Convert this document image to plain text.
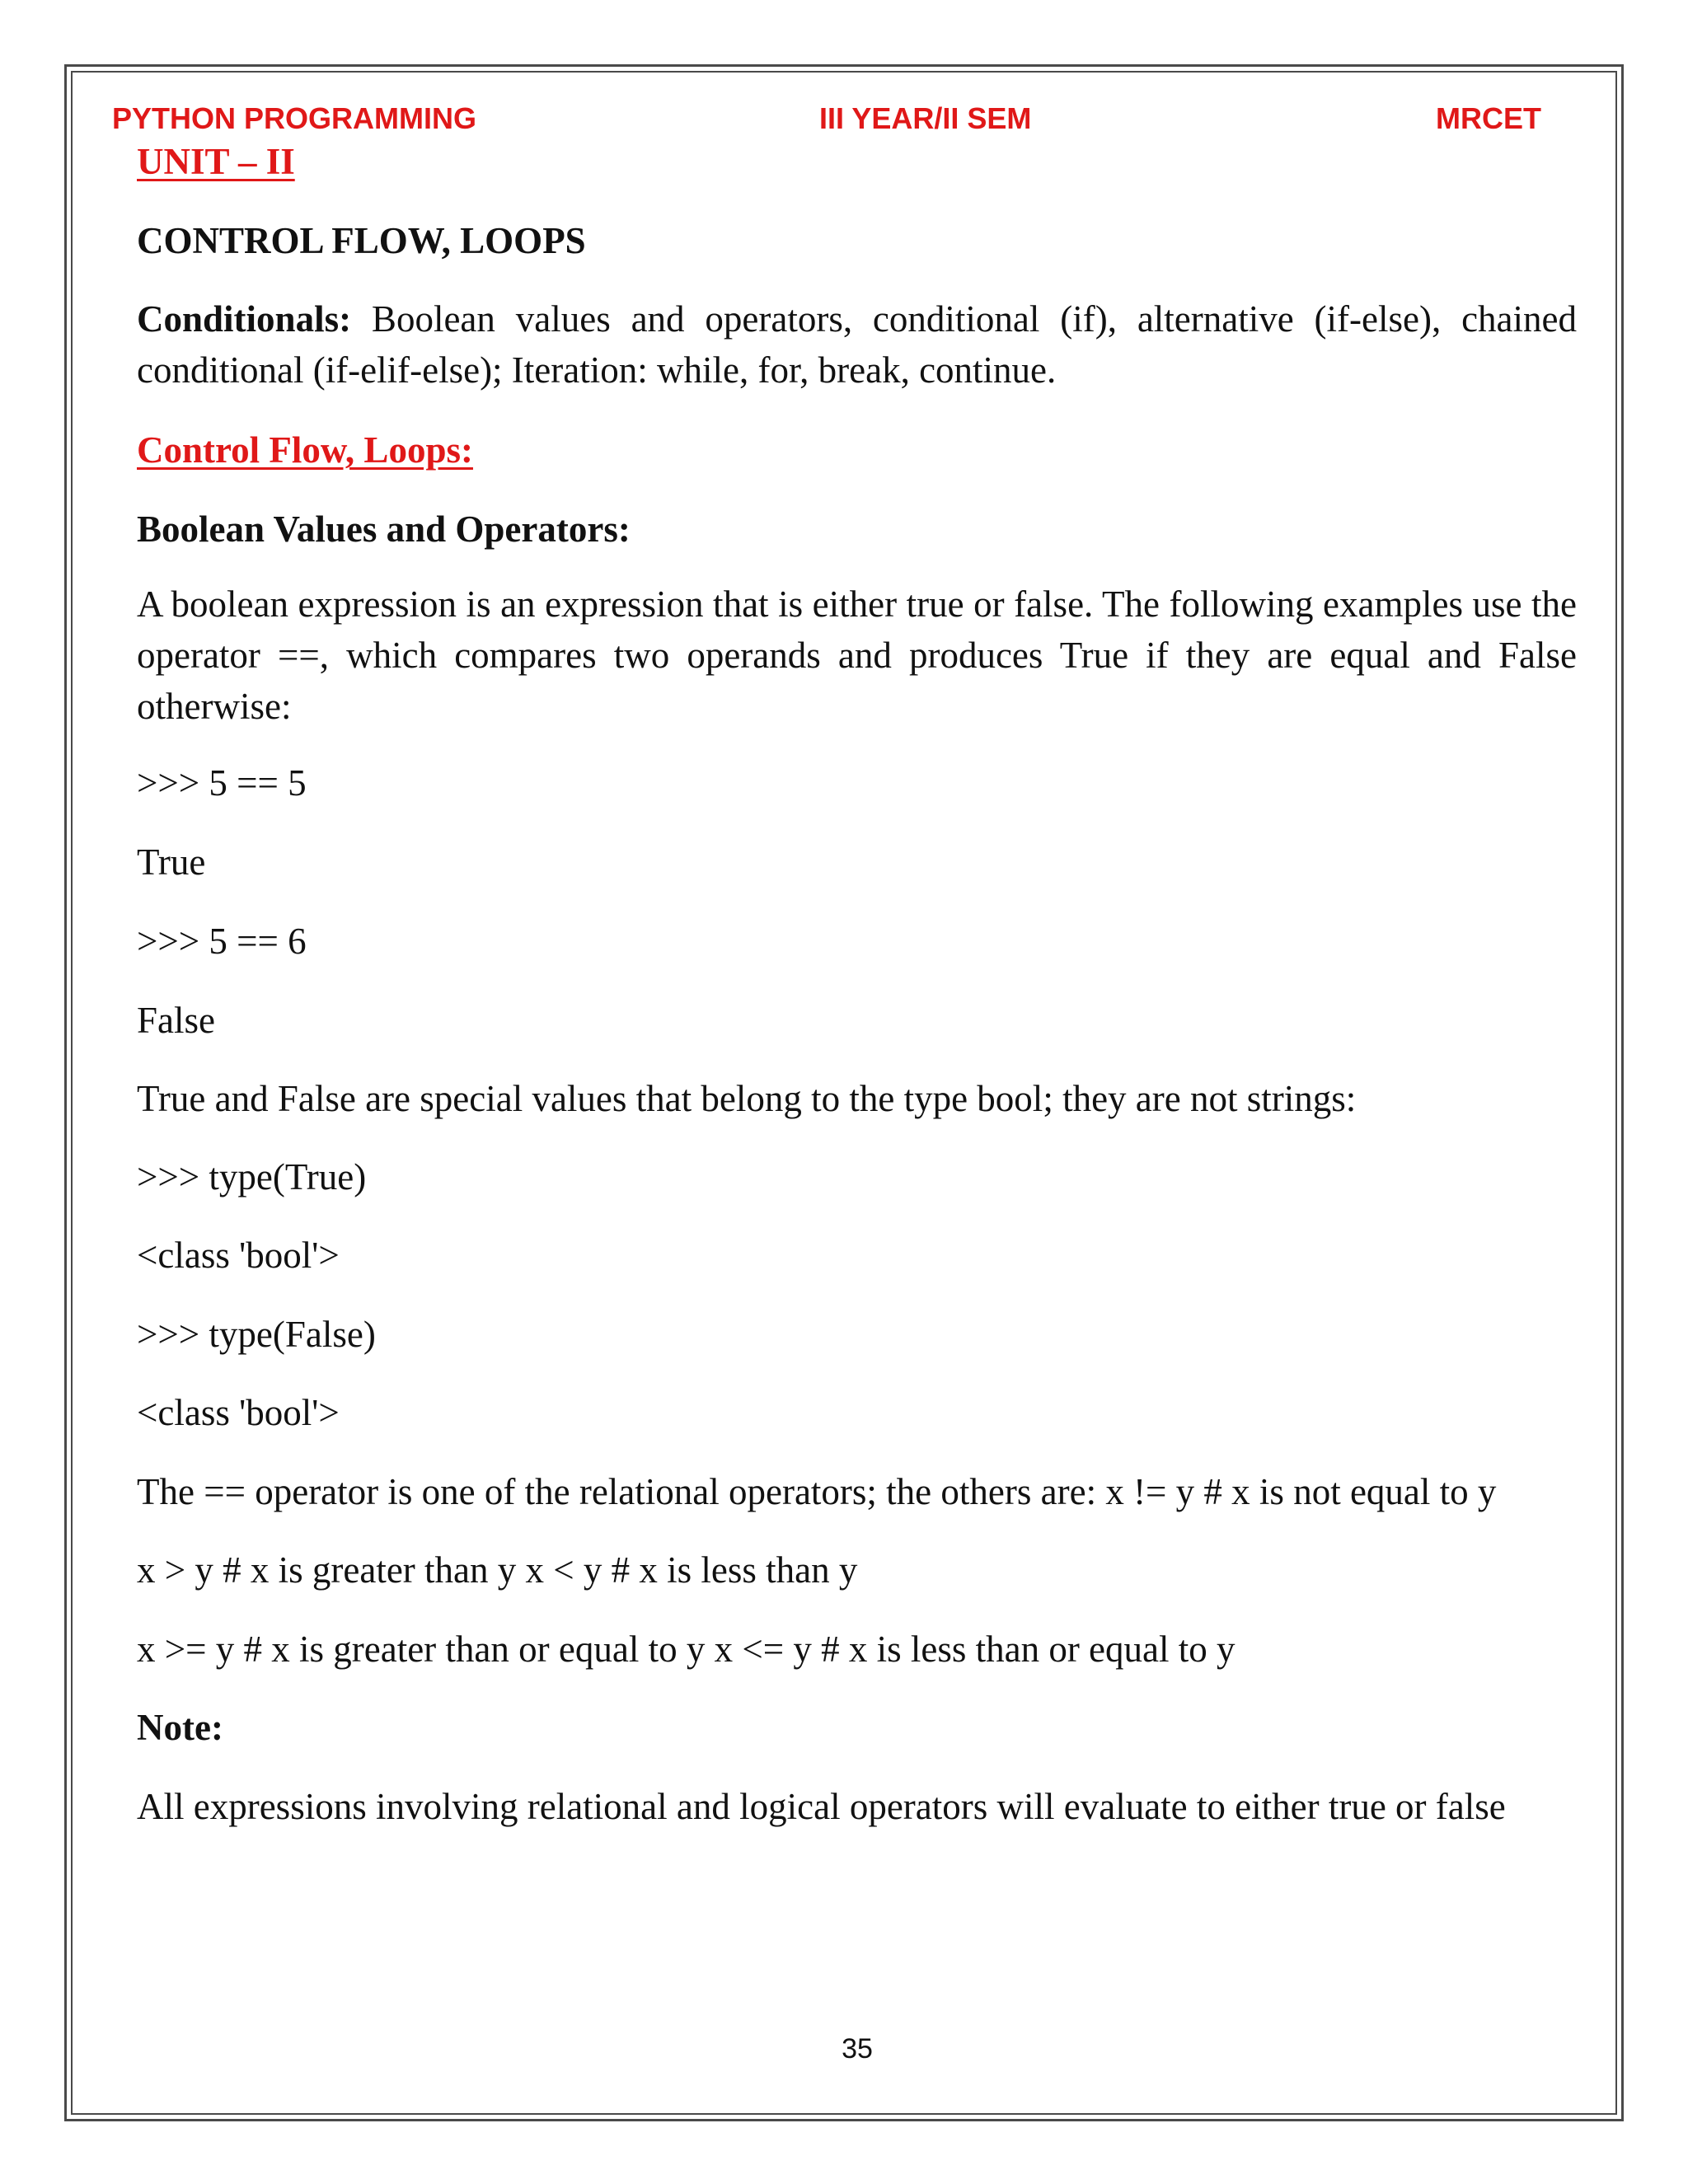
PYTHON PROGRAMMING	III YEAR/II SEM	MRCET
UNIT – II
CONTROL FLOW, LOOPS
Conditionals: Boolean values and operators, conditional (if), alternative (if-else), chained conditional (if-elif-else); Iteration: while, for, break, continue.
Control Flow, Loops:
Boolean Values and Operators:
A boolean expression is an expression that is either true or false. The following examples use the operator ==, which compares two operands and produces True if they are equal and False otherwise:
>>> 5 == 5
True
>>> 5 == 6
False
True and False are special values that belong to the type bool; they are not strings:
>>> type(True)
<class 'bool'>
>>> type(False)
<class 'bool'>
The == operator is one of the relational operators; the others are: x != y # x is not equal to y
x > y # x is greater than y x < y # x is less than y
x >= y # x is greater than or equal to y x <= y # x is less than or equal to y
Note:
All expressions involving relational and logical operators will evaluate to either true or false
35
